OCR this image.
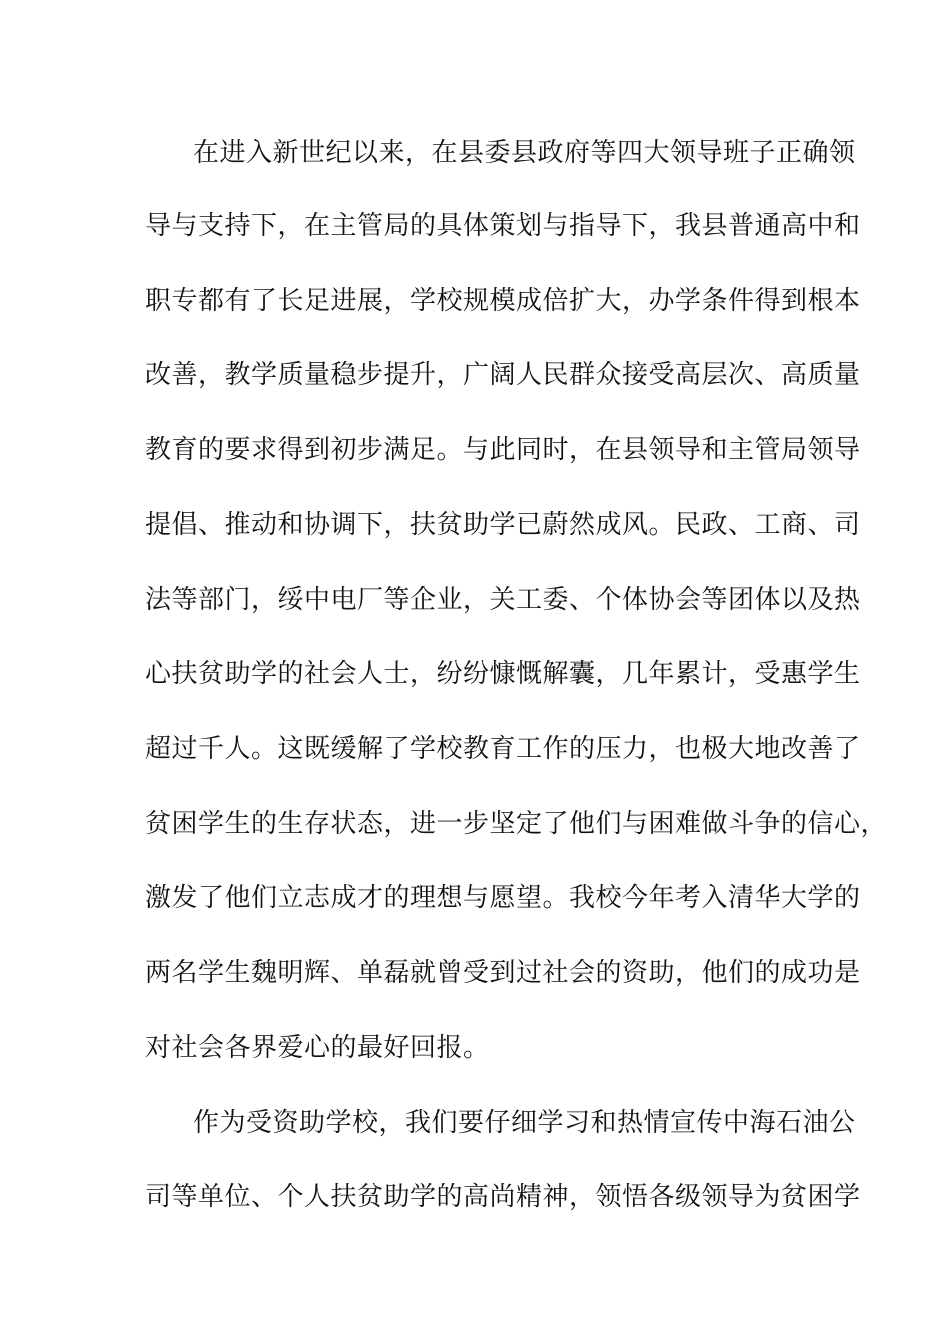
在进入新世纪以来，在县委县政府等四大领导班子正确领
导与支持下，在主管局的具体策划与指导下，我县普通高中和
职专都有了长足进展，学校规模成倍扩大，办学条件得到根本
改善，教学质量稳步提升，广阔人民群众接受高层次、高质量
教育的要求得到初步满足。与此同时，在县领导和主管局领导
提倡、推动和协调下，扶贫助学已蔚然成风。民政、工商、司
法等部门，绥中电厂等企业，关工委、个体协会等团体以及热
心扶贫助学的社会人士，纷纷慷慨解囊，几年累计，受惠学生
超过千人。这既缓解了学校教育工作的压力，也极大地改善了
贫困学生的生存状态，进一步坚定了他们与困难做斗争的信心，
激发了他们立志成才的理想与愿望。我校今年考入清华大学的
两名学生魏明辉、单磊就曾受到过社会的资助，他们的成功是
对社会各界爱心的最好回报。
作为受资助学校，我们要仔细学习和热情宣传中海石油公
司等单位、个人扶贫助学的高尚精神，领悟各级领导为贫困学
